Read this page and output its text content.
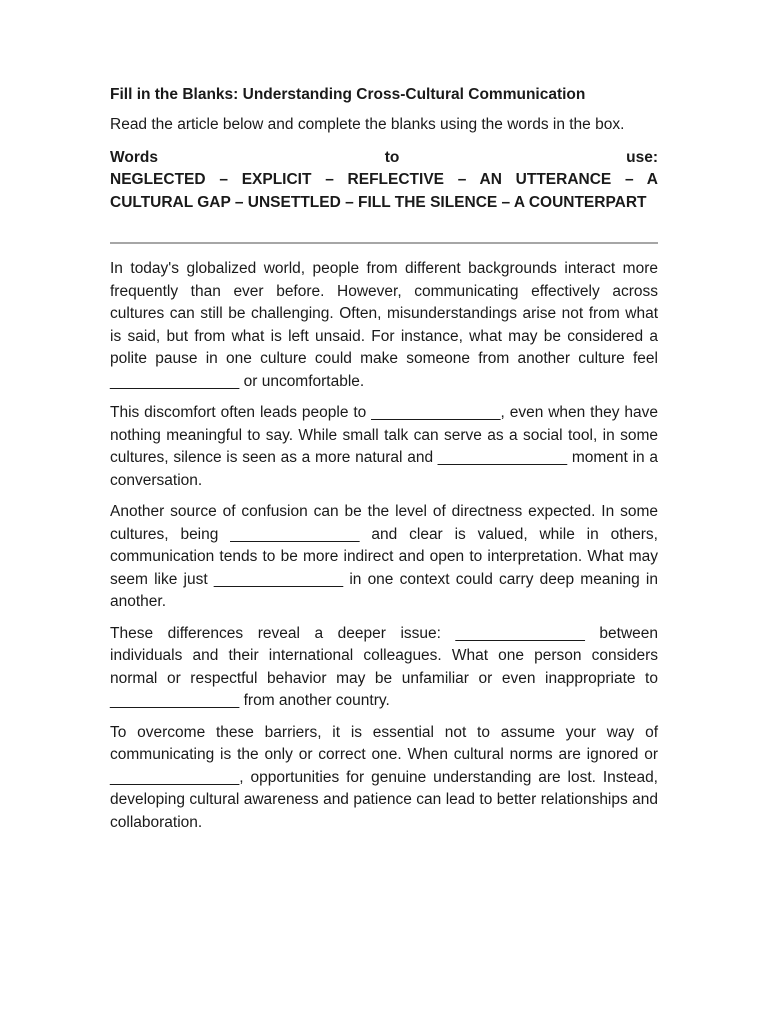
Fill in the Blanks: Understanding Cross-Cultural Communication
Read the article below and complete the blanks using the words in the box.
Words to use:
NEGLECTED – EXPLICIT – REFLECTIVE – AN UTTERANCE – A CULTURAL GAP – UNSETTLED – FILL THE SILENCE – A COUNTERPART

In today's globalized world, people from different backgrounds interact more frequently than ever before. However, communicating effectively across cultures can still be challenging. Often, misunderstandings arise not from what is said, but from what is left unsaid. For instance, what may be considered a polite pause in one culture could make someone from another culture feel _______________ or uncomfortable.

This discomfort often leads people to _______________, even when they have nothing meaningful to say. While small talk can serve as a social tool, in some cultures, silence is seen as a more natural and _______________ moment in a conversation.

Another source of confusion can be the level of directness expected. In some cultures, being _______________ and clear is valued, while in others, communication tends to be more indirect and open to interpretation. What may seem like just _______________ in one context could carry deep meaning in another.

These differences reveal a deeper issue: _______________ between individuals and their international colleagues. What one person considers normal or respectful behavior may be unfamiliar or even inappropriate to _______________ from another country.

To overcome these barriers, it is essential not to assume your way of communicating is the only or correct one. When cultural norms are ignored or _______________, opportunities for genuine understanding are lost. Instead, developing cultural awareness and patience can lead to better relationships and collaboration.
